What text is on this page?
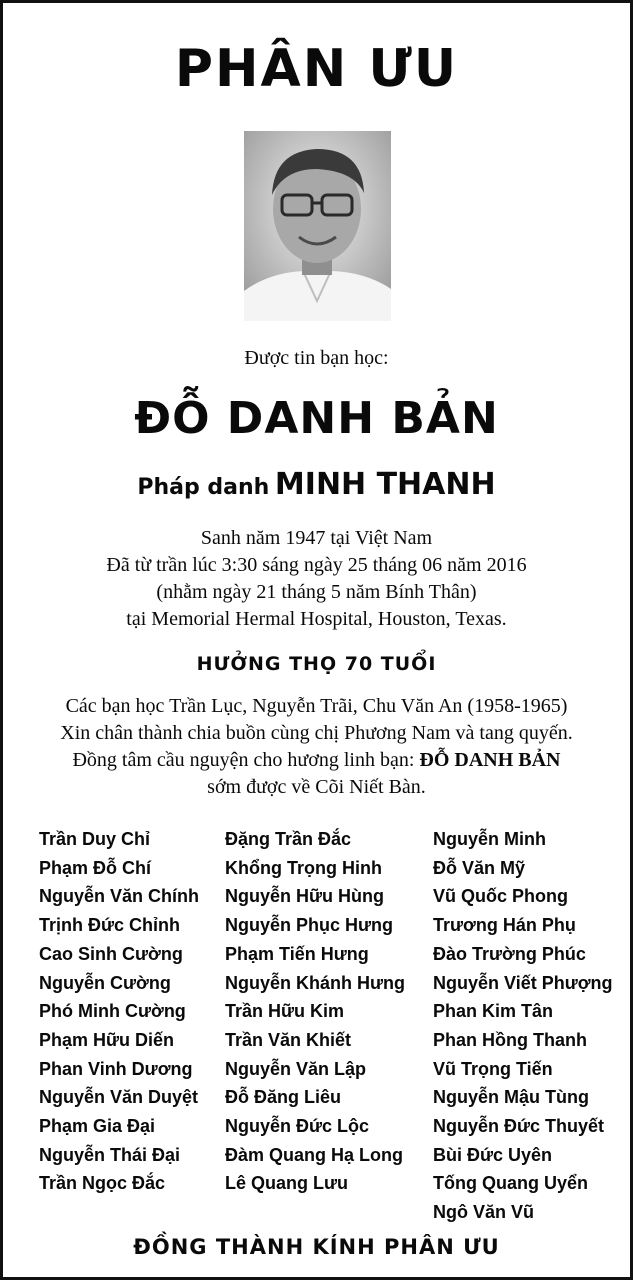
PHÂN ƯU
Được tin bạn học:
ĐỖ DANH BẢN
Pháp danh MINH THANH
Sanh năm 1947 tại Việt Nam
Đã từ trần lúc 3:30 sáng ngày 25 tháng 06 năm 2016
(nhằm ngày 21 tháng 5 năm Bính Thân)
tại Memorial Hermal Hospital, Houston, Texas.
HƯỞNG THỌ 70 TUỔI
Các bạn học Trần Lục, Nguyễn Trãi, Chu Văn An (1958-1965)
Xin chân thành chia buồn cùng chị Phương Nam và tang quyến.
Đồng tâm cầu nguyện cho hương linh bạn: ĐỖ DANH BẢN
sớm được về Cõi Niết Bàn.
Trần Duy Chỉ
Phạm Đỗ Chí
Nguyễn Văn Chính
Trịnh Đức Chỉnh
Cao Sinh Cường
Nguyễn Cường
Phó Minh Cường
Phạm Hữu Diến
Phan Vinh Dương
Nguyễn Văn Duyệt
Phạm Gia Đại
Nguyễn Thái Đại
Trần Ngọc Đắc
Đặng Trần Đắc
Khổng Trọng Hinh
Nguyễn Hữu Hùng
Nguyễn Phục Hưng
Phạm Tiến Hưng
Nguyễn Khánh Hưng
Trần Hữu Kim
Trần Văn Khiết
Nguyễn Văn Lập
Đỗ Đăng Liêu
Nguyễn Đức Lộc
Đàm Quang Hạ Long
Lê Quang Lưu
Nguyễn Minh
Đỗ Văn Mỹ
Vũ Quốc Phong
Trương Hán Phụ
Đào Trường Phúc
Nguyễn Viết Phượng
Phan Kim Tân
Phan Hồng Thanh
Vũ Trọng Tiến
Nguyễn Mậu Tùng
Nguyễn Đức Thuyết
Bùi Đức Uyên
Tống Quang Uyển
Ngô Văn Vũ
ĐỒNG THÀNH KÍNH PHÂN ƯU
